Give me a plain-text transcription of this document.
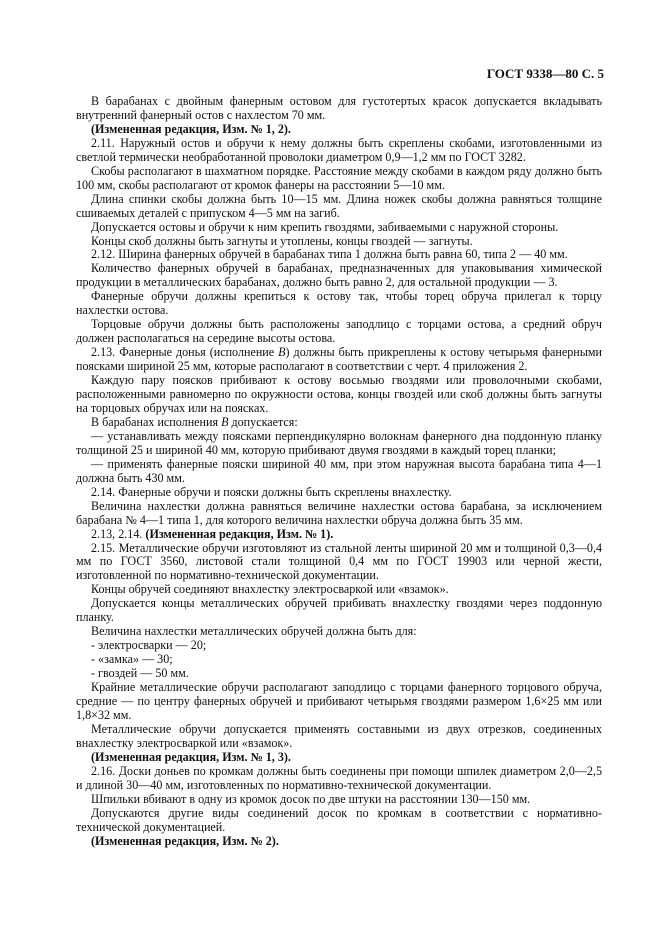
ГОСТ 9338—80 С. 5

В барабанах с двойным фанерным остовом для густотертых красок допускается вкладывать внутренний фанерный остов с нахлестом 70 мм.

(Измененная редакция, Изм. № 1, 2).

2.11. Наружный остов и обручи к нему должны быть скреплены скобами, изготовленными из светлой термически необработанной проволоки диаметром 0,9—1,2 мм по ГОСТ 3282.

Скобы располагают в шахматном порядке. Расстояние между скобами в каждом ряду должно быть 100 мм, скобы располагают от кромок фанеры на расстоянии 5—10 мм.

Длина спинки скобы должна быть 10—15 мм. Длина ножек скобы должна равняться толщине сшиваемых деталей с припуском 4—5 мм на загиб.

Допускается остовы и обручи к ним крепить гвоздями, забиваемыми с наружной стороны.

Концы скоб должны быть загнуты и утоплены, концы гвоздей — загнуты.

2.12. Ширина фанерных обручей в барабанах типа 1 должна быть равна 60, типа 2 — 40 мм.

Количество фанерных обручей в барабанах, предназначенных для упаковывания химической продукции в металлических барабанах, должно быть равно 2, для остальной продукции — 3.

Фанерные обручи должны крепиться к остову так, чтобы торец обруча прилегал к торцу нахлестки остова.

Торцовые обручи должны быть расположены заподлицо с торцами остова, а средний обруч должен располагаться на середине высоты остова.

2.13. Фанерные донья (исполнение В) должны быть прикреплены к остову четырьмя фанерными поясками шириной 25 мм, которые располагают в соответствии с черт. 4 приложения 2.

Каждую пару поясков прибивают к остову восьмью гвоздями или проволочными скобами, расположенными равномерно по окружности остова, концы гвоздей или скоб должны быть загнуты на торцовых обручах или на поясках.

В барабанах исполнения В допускается:

— устанавливать между поясками перпендикулярно волокнам фанерного дна поддонную планку толщиной 25 и шириной 40 мм, которую прибивают двумя гвоздями в каждый торец планки;

— применять фанерные пояски шириной 40 мм, при этом наружная высота барабана типа 4—1 должна быть 430 мм.

2.14. Фанерные обручи и пояски должны быть скреплены внахлестку.

Величина нахлестки должна равняться величине нахлестки остова барабана, за исключением барабана № 4—1 типа 1, для которого величина нахлестки обруча должна быть 35 мм.

2.13, 2.14. (Измененная редакция, Изм. № 1).

2.15. Металлические обручи изготовляют из стальной ленты шириной 20 мм и толщиной 0,3—0,4 мм по ГОСТ 3560, листовой стали толщиной 0,4 мм по ГОСТ 19903 или черной жести, изготовленной по нормативно-технической документации.

Концы обручей соединяют внахлестку электросваркой или «взамок».

Допускается концы металлических обручей прибивать внахлестку гвоздями через поддонную планку.

Величина нахлестки металлических обручей должна быть для:

- электросварки — 20;

- «замка» — 30;

- гвоздей — 50 мм.

Крайние металлические обручи располагают заподлицо с торцами фанерного торцового обруча, средние — по центру фанерных обручей и прибивают четырьмя гвоздями размером 1,6×25 мм или 1,8×32 мм.

Металлические обручи допускается применять составными из двух отрезков, соединенных внахлестку электросваркой или «взамок».

(Измененная редакция, Изм. № 1, 3).

2.16. Доски доньев по кромкам должны быть соединены при помощи шпилек диаметром 2,0—2,5 и длиной 30—40 мм, изготовленных по нормативно-технической документации.

Шпильки вбивают в одну из кромок досок по две штуки на расстоянии 130—150 мм.

Допускаются другие виды соединений досок по кромкам в соответствии с нормативно-технической документацией.

(Измененная редакция, Изм. № 2).
